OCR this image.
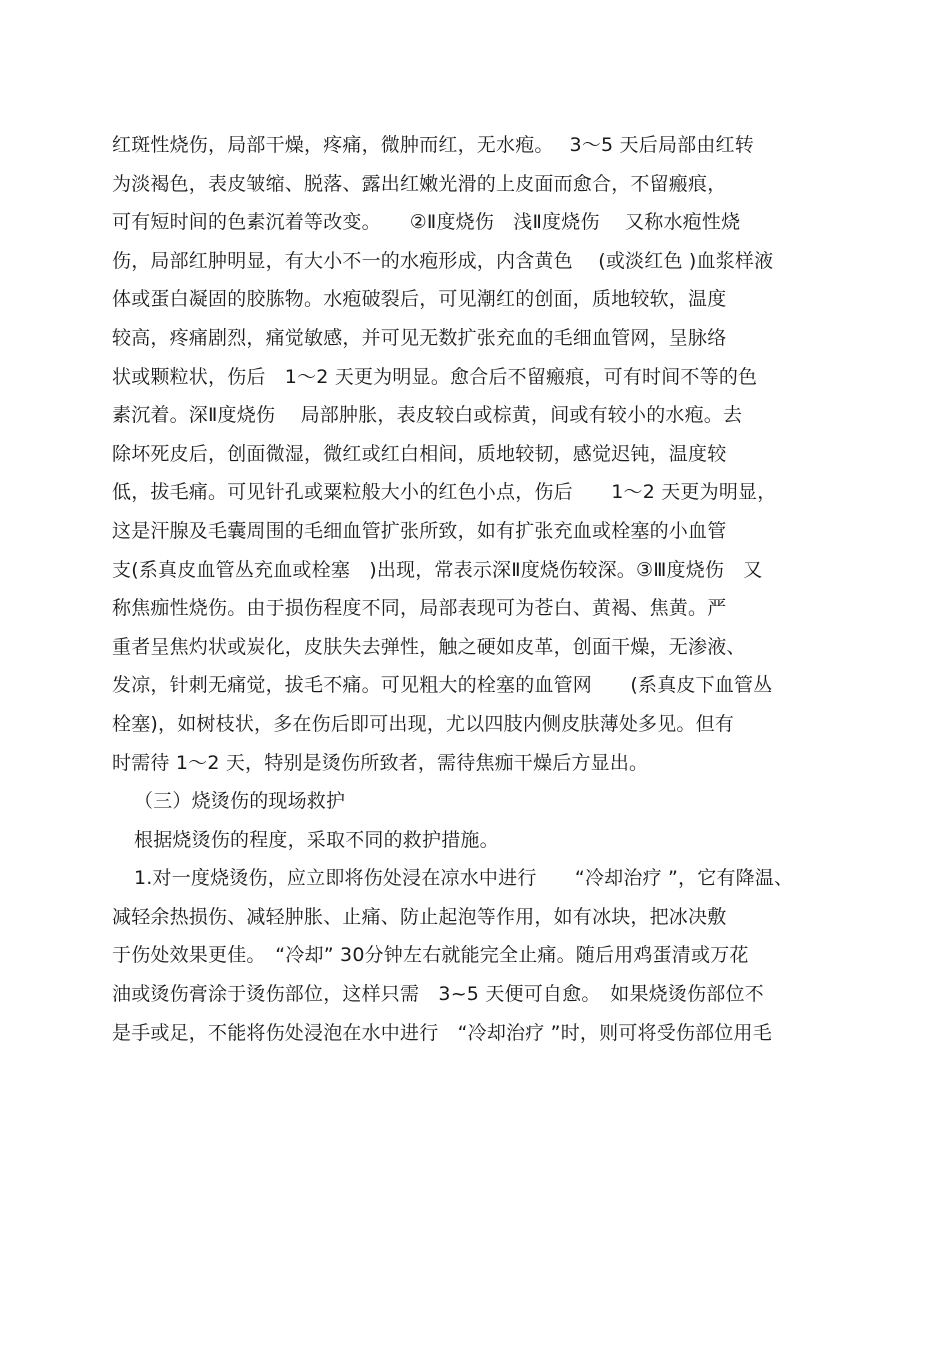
红斑性烧伤，局部干燥，疼痛，微肿而红，无水疱。　 3～5 天后局部由红转
为淡褐色，表皮皱缩、脱落、露出红嫩光滑的上皮面而愈合，不留瘢痕，
可有短时间的色素沉着等改变。　　②Ⅱ度烧伤　浅Ⅱ度烧伤　 又称水疱性烧
伤，局部红肿明显，有大小不一的水疱形成，内含黄色　 (或淡红色 )血浆样液
体或蛋白凝固的胶胨物。水疱破裂后，可见潮红的创面，质地较软，温度
较高，疼痛剧烈，痛觉敏感，并可见无数扩张充血的毛细血管网，呈脉络
状或颗粒状，伤后　1～2 天更为明显。愈合后不留瘢痕，可有时间不等的色
素沉着。深Ⅱ度烧伤　 局部肿胀，表皮较白或棕黄，间或有较小的水疱。去
除坏死皮后，创面微湿，微红或红白相间，质地较韧，感觉迟钝，温度较
低，拔毛痛。可见针孔或粟粒般大小的红色小点，伤后　　1～2 天更为明显，
这是汗腺及毛囊周围的毛细血管扩张所致，如有扩张充血或栓塞的小血管
支(系真皮血管丛充血或栓塞　)出现，常表示深Ⅱ度烧伤较深。③Ⅲ度烧伤　又
称焦痂性烧伤。由于损伤程度不同，局部表现可为苍白、黄褐、焦黄。严
重者呈焦灼状或炭化，皮肤失去弹性，触之硬如皮革，创面干燥，无渗液、
发凉，针刺无痛觉，拔毛不痛。可见粗大的栓塞的血管网　　(系真皮下血管丛
栓塞)，如树枝状，多在伤后即可出现，尤以四肢内侧皮肤薄处多见。但有
时需待 1～2 天，特别是烫伤所致者，需待焦痂干燥后方显出。
（三）烧烫伤的现场救护
根据烧烫伤的程度，采取不同的救护措施。
1.对一度烧烫伤，应立即将伤处浸在凉水中进行　　“冷却治疗 ”，它有降温、
减轻余热损伤、减轻肿胀、止痛、防止起泡等作用，如有冰块，把冰决敷
于伤处效果更佳。　“冷却” 30分钟左右就能完全止痛。随后用鸡蛋清或万花
油或烫伤膏涂于烫伤部位，这样只需　3~5 天便可自愈。　如果烧烫伤部位不
是手或足，不能将伤处浸泡在水中进行　“冷却治疗 ”时，则可将受伤部位用毛
